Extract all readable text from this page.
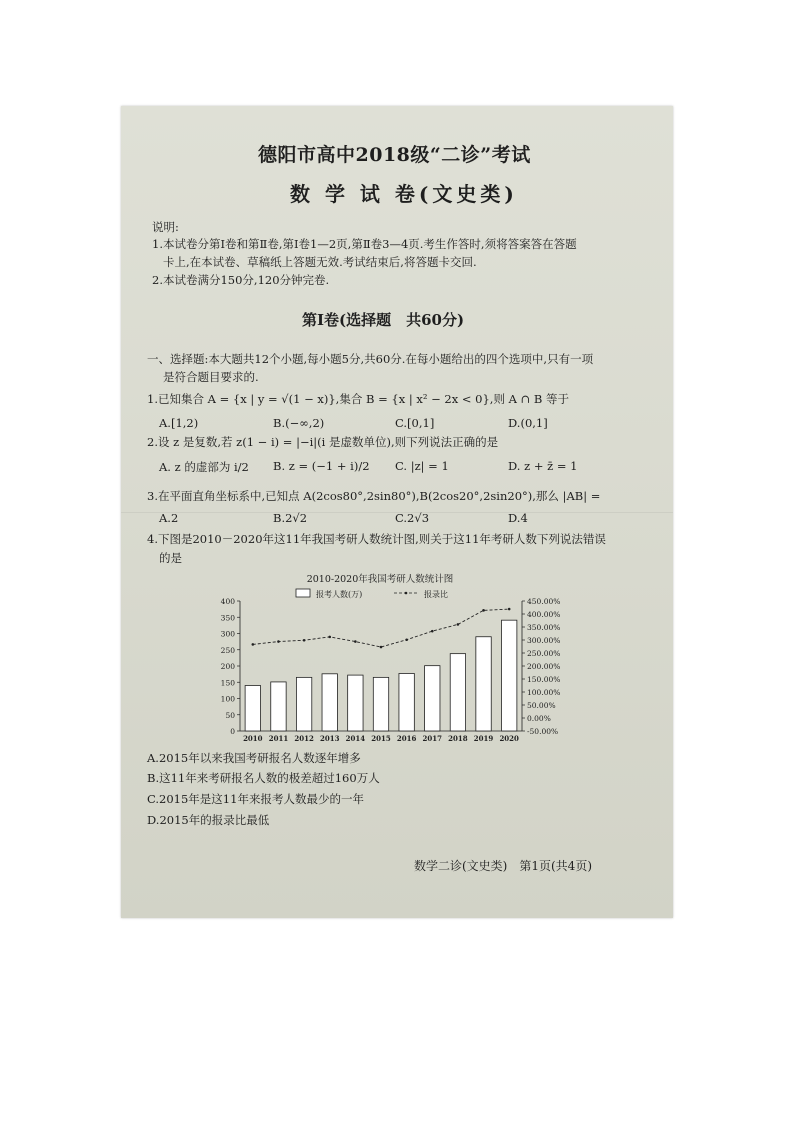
德阳市高中2018级“二诊”考试
数 学 试 卷(文史类)
说明:
1.本试卷分第Ⅰ卷和第Ⅱ卷,第Ⅰ卷1—2页,第Ⅱ卷3—4页.考生作答时,须将答案答在答题
卡上,在本试卷、草稿纸上答题无效.考试结束后,将答题卡交回.
2.本试卷满分150分,120分钟完卷.
第Ⅰ卷(选择题　共60分)
一、选择题:本大题共12个小题,每小题5分,共60分.在每小题给出的四个选项中,只有一项
是符合题目要求的.
1.已知集合 A = {x | y = √(1 − x)},集合 B = {x | x² − 2x < 0},则 A ∩ B 等于
A.[1,2)	B.(−∞,2)	C.[0,1]	D.(0,1]
2.设 z 是复数,若 z(1 − i) = |−i|(i 是虚数单位),则下列说法正确的是
A. z 的虚部为 i/2 B. z = (−1 + i)/2 C. |z| = 1	D. z + z̄ = 1
3.在平面直角坐标系中,已知点 A(2cos80°,2sin80°),B(2cos20°,2sin20°),那么 |AB| =
A.2	B.2√2	C.2√3	D.4
4.下图是2010－2020年这11年我国考研人数统计图,则关于这11年考研人数下列说法错误
的是
2010-2020年我国考研人数统计图
报考人数(万)	报录比
0
50
100
150
200
250
300
350
400
-50.00%
0.00%
50.00%
100.00%
150.00%
200.00%
250.00%
300.00%
350.00%
400.00%
450.00%
2010 2011 2012 2013 2014 2015 2016 2017 2018 2019 2020
A.2015年以来我国考研报名人数逐年增多
B.这11年来考研报名人数的极差超过160万人
C.2015年是这11年来报考人数最少的一年
D.2015年的报录比最低
数学二诊(文史类)　第1页(共4页)
